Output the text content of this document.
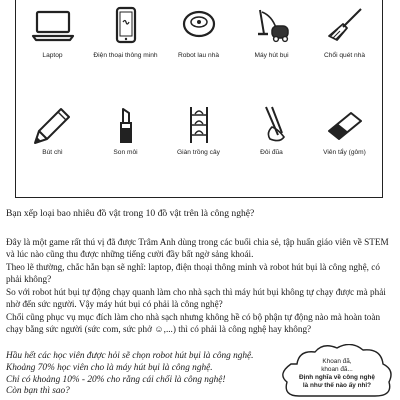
Laptop	Điện thoại thông minh	Robot lau nhà	Máy hút bụi	Chổi quét nhà
Bút chì	Son môi	Giàn trồng cây	Đôi đũa	Viên tẩy (gôm)

Bạn xếp loại bao nhiêu đồ vật trong 10 đồ vật trên là công nghệ?

Đây là một game rất thú vị đã được Trâm Anh dùng trong các buổi chia sẻ, tập huấn giáo viên về STEM và lúc nào cũng thu được những tiếng cười đầy bất ngờ sảng khoái.

Theo lẽ thường, chắc hẳn bạn sẽ nghĩ: laptop, điện thoại thông minh và robot hút bụi là công nghệ, có phải không?

So với robot hút bụi tự động chạy quanh làm cho nhà sạch thì máy hút bụi không tự chạy được mà phải nhờ đến sức người. Vậy máy hút bụi có phải là công nghệ?

Chổi cũng phục vụ mục đích làm cho nhà sạch nhưng không hề có bộ phận tự động nào mà hoàn toàn chạy bằng sức người (sức com, sức phở ☺,...) thì có phải là công nghệ hay không?

Hầu hết các học viên được hỏi sẽ chọn robot hút bụi là công nghệ.
Khoảng 70% học viên cho là máy hút bụi là công nghệ.
Chỉ có khoảng 10% - 20% cho rằng cái chổi là công nghệ!
Còn bạn thì sao?
Khoan đã,
khoan đã...
Định nghĩa về công nghệ
là như thế nào ấy nhỉ?
